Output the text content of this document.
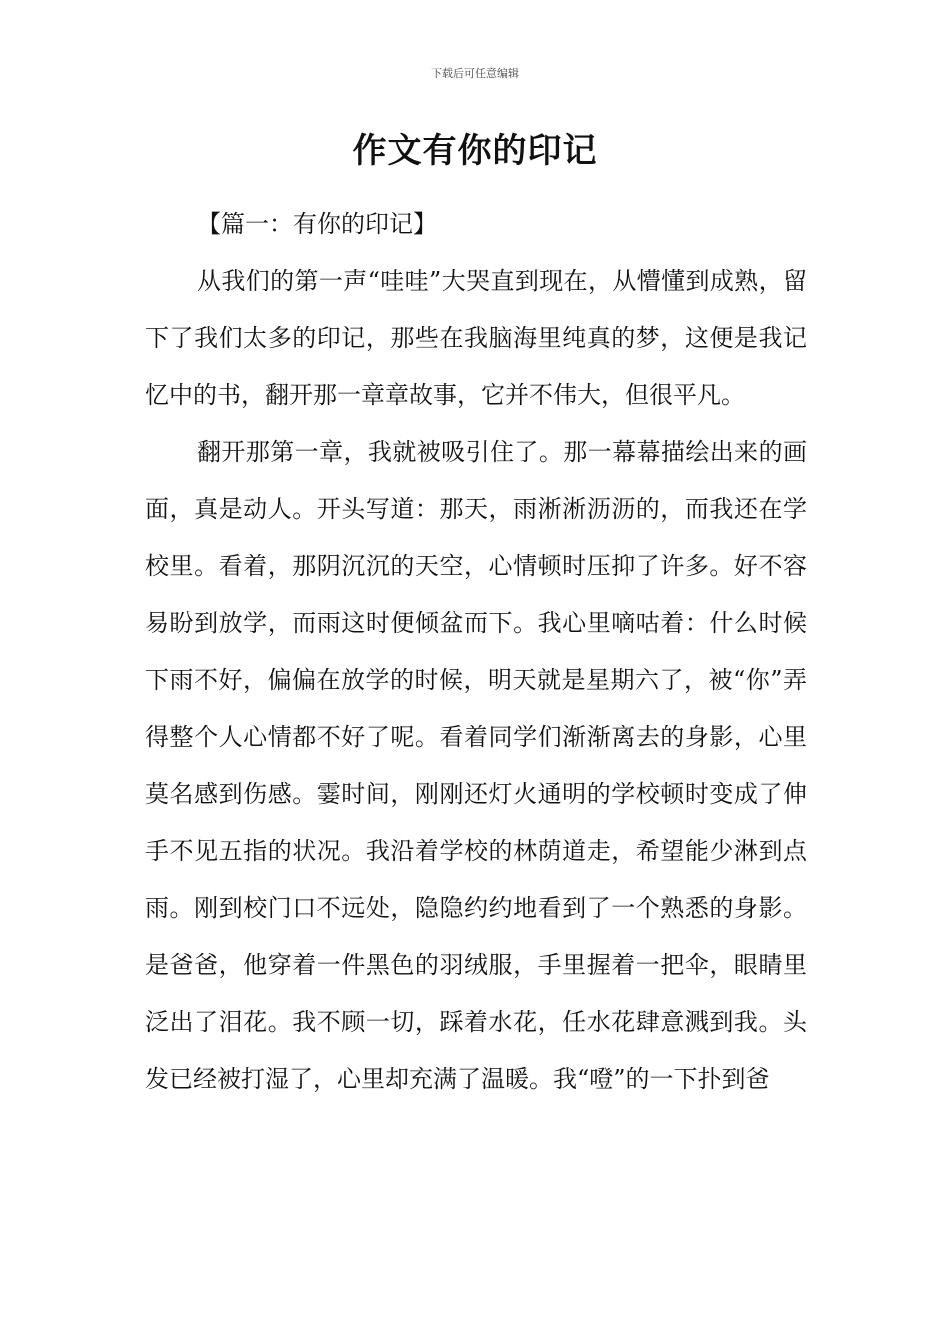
下载后可任意编辑
作文有你的印记

【篇一：有你的印记】

从我们的第一声“哇哇”大哭直到现在，从懵懂到成熟，留下了我们太多的印记，那些在我脑海里纯真的梦，这便是我记忆中的书，翻开那一章章故事，它并不伟大，但很平凡。

翻开那第一章，我就被吸引住了。那一幕幕描绘出来的画面，真是动人。开头写道：那天，雨淅淅沥沥的，而我还在学校里。看着，那阴沉沉的天空，心情顿时压抑了许多。好不容易盼到放学，而雨这时便倾盆而下。我心里嘀咕着：什么时候下雨不好，偏偏在放学的时候，明天就是星期六了，被“你”弄得整个人心情都不好了呢。看着同学们渐渐离去的身影，心里莫名感到伤感。霎时间，刚刚还灯火通明的学校顿时变成了伸手不见五指的状况。我沿着学校的林荫道走，希望能少淋到点雨。刚到校门口不远处，隐隐约约地看到了一个熟悉的身影。是爸爸，他穿着一件黑色的羽绒服，手里握着一把伞，眼睛里泛出了泪花。我不顾一切，踩着水花，任水花肆意溅到我。头发已经被打湿了，心里却充满了温暖。我“噔”的一下扑到爸
